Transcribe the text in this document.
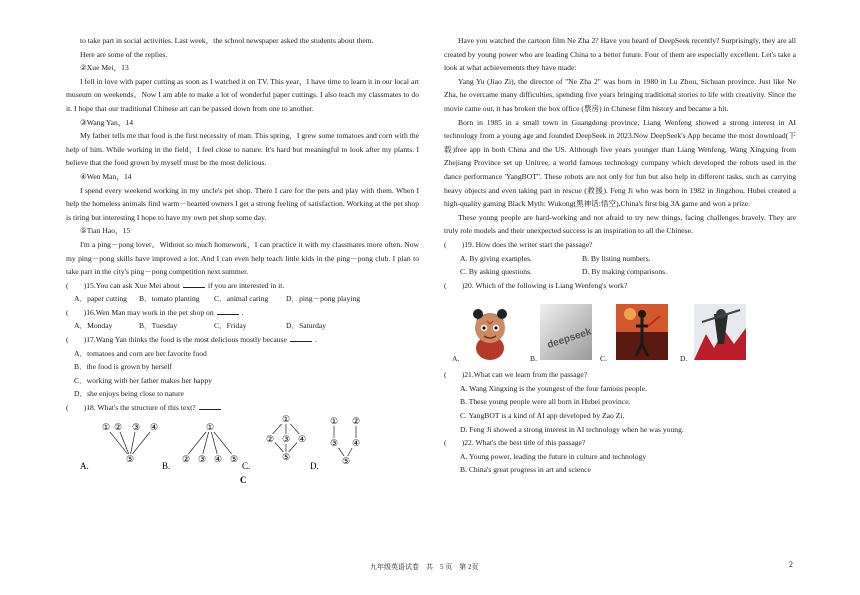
to take part in social activities. Last week，the school newspaper asked the students about them.

Here are some of the replies.

②Xue Mei，13

I fell in love with paper cutting as soon as I watched it on TV. This year，I have time to learn it in our local art museum on weekends。Now I am able to make a lot of wonderful paper cuttings. I also teach my classmates to do it. I hope that our traditional Chinese art can be passed down from one to another.

③Wang Yan，14

My father tells me that food is the first necessity of man. This spring，I grew some tomatoes and corn with the help of him. While working in the field，I feel close to nature. It's hard but meaningful to look after my plants. I believe that the food grown by myself must be the most delicious.

④Wen Man，14

I spend every weekend working in my uncle's pet shop. There I care for the pets and play with them. When I help the homeless animals find warm－hearted owners I get a strong feeling of satisfaction. Working at the pet shop is tiring but interesting I hope to have my own pet shop some day.

⑤Tian Hao，15

I'm a ping－pong lover。Without so much homework，I can practice it with my classmates more often. Now my ping－pong skills have improved a lot. And I can even help teach little kids in the ping－pong club. I plan to take part in the city's ping－pong competition next summer.

(　　)15.You can ask Xue Mei about	if you are interested in it.

A．paper cutting	B．tomato planting	C．animal caring	D．ping－pong playing

(　　)16.Wen Man may work in the pet shop on	.

A．Monday	B．Tuesday	C．Friday	D．Saturday

(　　)17.Wang Yan thinks the food is the most delicious mostly because	.

A．tomatoes and corn are her favorite food

B．the food is grown by herself

C．working with her father makes her happy

D．she enjoys being close to nature

(　　)18. What's the structure of this text?

① ② ③ ④
⑤
①
② ③ ④ ⑤
①
② ③ ④
⑤
① ②
③ ④
⑤
A.	B.	C.	D.
C

Have you watched the cartoon film Ne Zha 2? Have you heard of DeepSeek recently? Surprisingly, they are all created by young power who are leading China to a better future. Four of them are especially excellent. Let's take a look at what achievements they have made:

Yang Yu (Jiao Zi), the director of "Ne Zha 2" was born in 1980 in Lu Zhou, Sichuan province. Just like Ne Zha, he overcame many difficulties, spending five years bringing traditional stories to life with creativity. Since the movie came out, it has broken the box office (票房) in Chinese film history and became a hit.

Born in 1985 in a small town in Guangdong province, Liang Wenfeng showed a strong interest in AI technology from a young age and founded DeepSeek in 2023.Now DeepSeek's App became the most download(下载)free app in both China and the US. Although five years younger than Liang Wenfeng, Wang Xingxing from Zhejiang Province set up Unitree, a world famous technology company which developed the robots used in the dance performance 'YangBOT". These robots are not only for fun but also help in different tasks, such as carrying heavy objects and even taking part in rescue (救援). Feng Ji who was born in 1982 in Jingzhou, Hubei created a high-quality gaming Black Myth: Wukong(黑神话:悟空),China's first big 3A game and won a prize.

These young people are hard-working and not afraid to try new things, facing challenges bravely. They are truly role models and their unexpected success is an inspiration to all the Chinese.

(　　)19. How does the writer start the passage?

A. By giving examples.	B. By listing numbers.
C. By asking questions.	D. By making comparisons.

(　　)20. Which of the following is Liang Wenfeng's work?

deepseek
A.	B.	C.	D.

(　　)21.What can we learn from the passage?

A. Wang Xingxing is the youngest of the four famous people.

B. These young people were all born in Hubei province.

C. YangBOT is a kind of AI app developed by Zao Zi.

D. Feng Ji showed a strong interest in AI technology when he was young.

(　　)22. What's the best title of this passage?

A. Young power, leading the future in culture and technology

B. China's great progress in art and science

九年级英语试卷　共　5 页　第 2页	2
